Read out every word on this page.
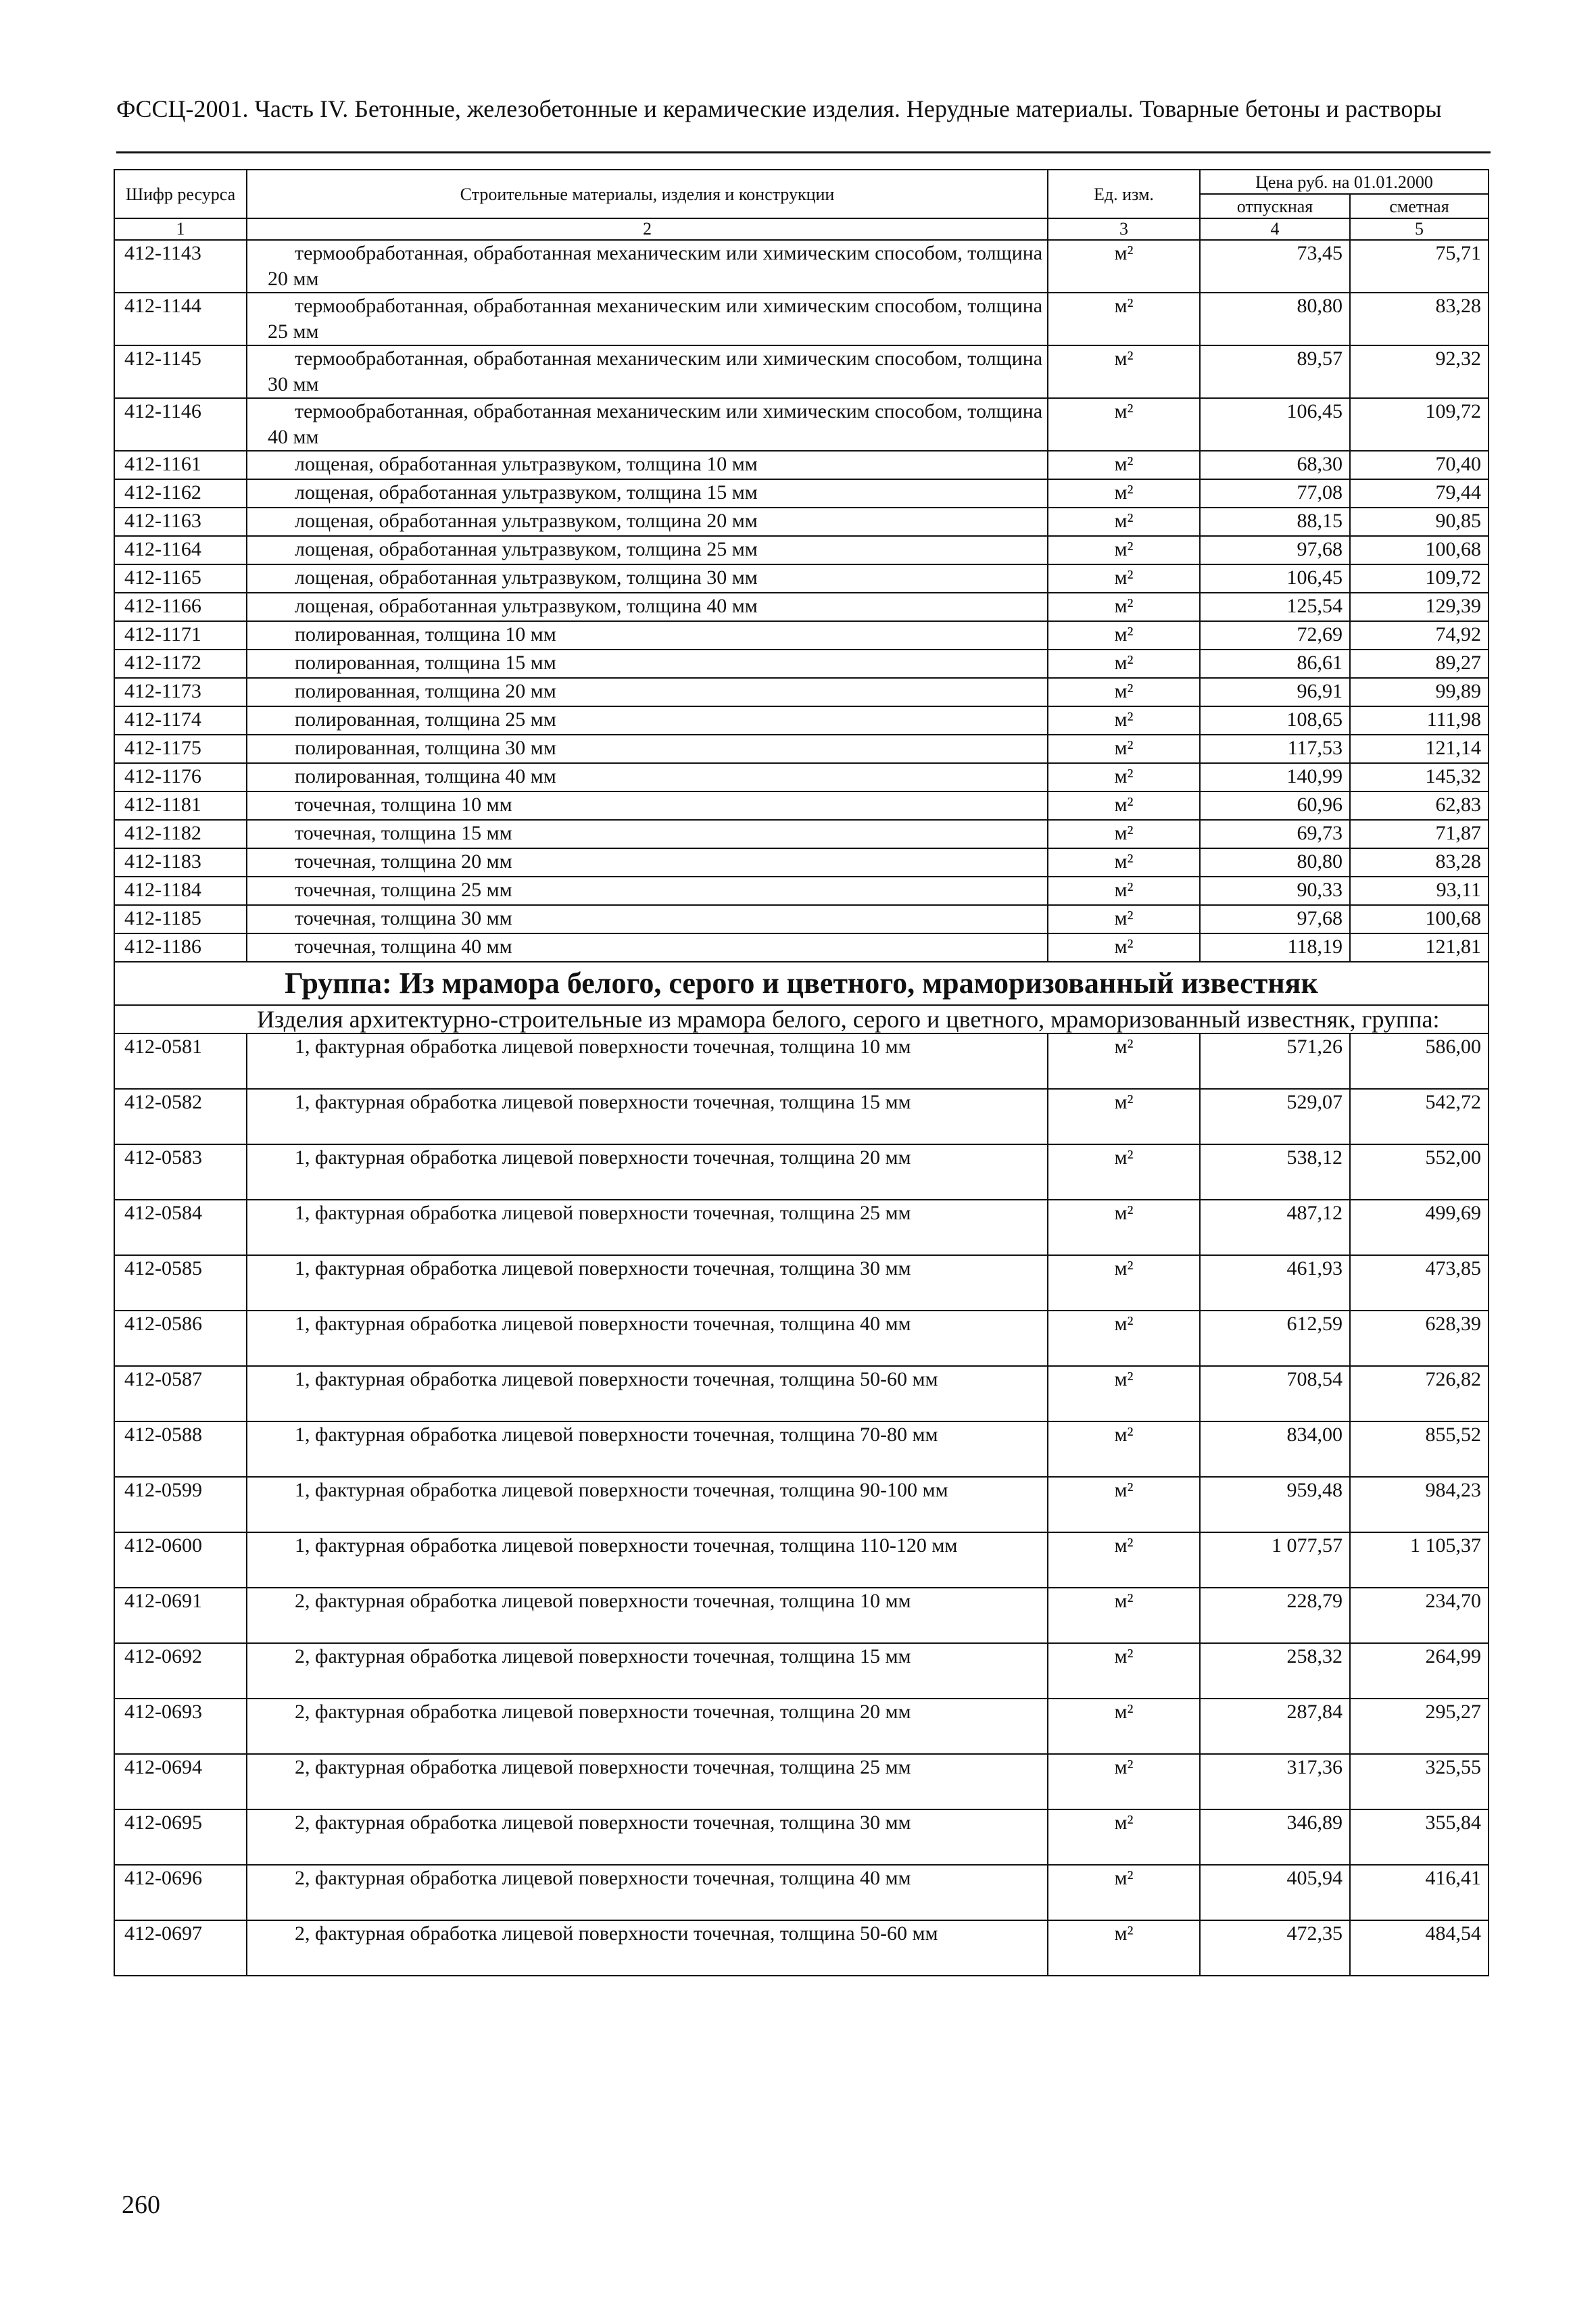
ФССЦ-2001. Часть IV. Бетонные, железобетонные и керамические изделия. Нерудные материалы. Товарные бетоны и растворы
Шифр ресурса	Строительные материалы, изделия и конструкции	Ед. изм.	Цена руб. на 01.01.2000	
			отпускная	сметная
1	2	3	4	5
412-1143	термообработанная, обработанная механическим или химическим способом, толщина 20 мм	м²	73,45	75,71
412-1144	термообработанная, обработанная механическим или химическим способом, толщина 25 мм	м²	80,80	83,28
412-1145	термообработанная, обработанная механическим или химическим способом, толщина 30 мм	м²	89,57	92,32
412-1146	термообработанная, обработанная механическим или химическим способом, толщина 40 мм	м²	106,45	109,72
412-1161	лощеная, обработанная ультразвуком, толщина 10 мм	м²	68,30	70,40
412-1162	лощеная, обработанная ультразвуком, толщина 15 мм	м²	77,08	79,44
412-1163	лощеная, обработанная ультразвуком, толщина 20 мм	м²	88,15	90,85
412-1164	лощеная, обработанная ультразвуком, толщина 25 мм	м²	97,68	100,68
412-1165	лощеная, обработанная ультразвуком, толщина 30 мм	м²	106,45	109,72
412-1166	лощеная, обработанная ультразвуком, толщина 40 мм	м²	125,54	129,39
412-1171	полированная, толщина 10 мм	м²	72,69	74,92
412-1172	полированная, толщина 15 мм	м²	86,61	89,27
412-1173	полированная, толщина 20 мм	м²	96,91	99,89
412-1174	полированная, толщина 25 мм	м²	108,65	111,98
412-1175	полированная, толщина 30 мм	м²	117,53	121,14
412-1176	полированная, толщина 40 мм	м²	140,99	145,32
412-1181	точечная, толщина 10 мм	м²	60,96	62,83
412-1182	точечная, толщина 15 мм	м²	69,73	71,87
412-1183	точечная, толщина 20 мм	м²	80,80	83,28
412-1184	точечная, толщина 25 мм	м²	90,33	93,11
412-1185	точечная, толщина 30 мм	м²	97,68	100,68
412-1186	точечная, толщина 40 мм	м²	118,19	121,81
Группа: Из мрамора белого, серого и цветного, мраморизованный известняк				
Изделия архитектурно-строительные из мрамора белого, серого и цветного, мраморизованный известняк, группа:				
412-0581	1, фактурная обработка лицевой поверхности точечная, толщина 10 мм	м²	571,26	586,00
412-0582	1, фактурная обработка лицевой поверхности точечная, толщина 15 мм	м²	529,07	542,72
412-0583	1, фактурная обработка лицевой поверхности точечная, толщина 20 мм	м²	538,12	552,00
412-0584	1, фактурная обработка лицевой поверхности точечная, толщина 25 мм	м²	487,12	499,69
412-0585	1, фактурная обработка лицевой поверхности точечная, толщина 30 мм	м²	461,93	473,85
412-0586	1, фактурная обработка лицевой поверхности точечная, толщина 40 мм	м²	612,59	628,39
412-0587	1, фактурная обработка лицевой поверхности точечная, толщина 50-60 мм	м²	708,54	726,82
412-0588	1, фактурная обработка лицевой поверхности точечная, толщина 70-80 мм	м²	834,00	855,52
412-0599	1, фактурная обработка лицевой поверхности точечная, толщина 90-100 мм	м²	959,48	984,23
412-0600	1, фактурная обработка лицевой поверхности точечная, толщина 110-120 мм	м²	1 077,57	1 105,37
412-0691	2, фактурная обработка лицевой поверхности точечная, толщина 10 мм	м²	228,79	234,70
412-0692	2, фактурная обработка лицевой поверхности точечная, толщина 15 мм	м²	258,32	264,99
412-0693	2, фактурная обработка лицевой поверхности точечная, толщина 20 мм	м²	287,84	295,27
412-0694	2, фактурная обработка лицевой поверхности точечная, толщина 25 мм	м²	317,36	325,55
412-0695	2, фактурная обработка лицевой поверхности точечная, толщина 30 мм	м²	346,89	355,84
412-0696	2, фактурная обработка лицевой поверхности точечная, толщина 40 мм	м²	405,94	416,41
412-0697	2, фактурная обработка лицевой поверхности точечная, толщина 50-60 мм	м²	472,35	484,54
260
